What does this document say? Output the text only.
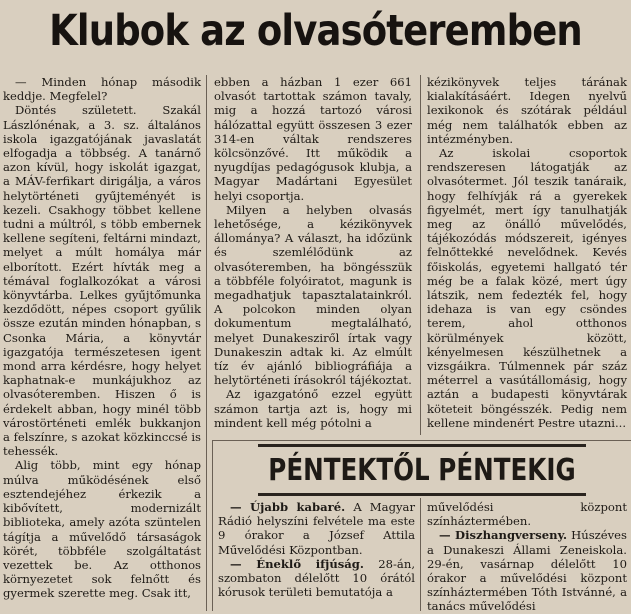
Klubok az olvasóteremben

— Minden hónap második keddje. Megfelel?

Döntés született. Szakál Lászlónénak, a 3. sz. általános iskola igazgatójának javaslatát elfogadja a többség. A tanárnő azon kívül, hogy iskolát igazgat, a MÁV-ferfikart dirigálja, a város helytörténeti gyűjteményét is kezeli. Csakhogy többet kellene tudni a múltról, s több embernek kellene segíteni, feltárni mindazt, melyet a múlt homálya már elborított. Ezért hívták meg a témával foglalkozókat a városi könyvtárba. Lelkes gyűjtőmunka kezdődött, népes csoport gyűlik össze ezután minden hónapban, s Csonka Mária, a könyvtár igazgatója természetesen igent mond arra kérdésre, hogy helyet kaphatnak-e munkájukhoz az olvasóteremben. Hiszen ő is érdekelt abban, hogy minél több várostörténeti emlék bukkanjon a felszínre, s azokat közkinccsé is tehessék.

Alig több, mint egy hónap múlva működésének első esztendejéhez érkezik a kibővített, modernizált biblioteka, amely azóta szüntelen tágítja a művelődő társaságok körét, többféle szolgáltatást vezettek be. Az otthonos környezetet sok felnőtt és gyermek szerette meg. Csak itt,

ebben a házban 1 ezer 661 olvasót tartottak számon tavaly, mig a hozzá tartozó városi hálózattal együtt összesen 3 ezer 314-en váltak rendszeres kölcsönzővé. Itt működik a nyugdíjas pedagógusok klubja, a Magyar Madártani Egyesület helyi csoportja.

Milyen a helyben olvasás lehetősége, a kézikönyvek állománya? A választ, ha időzünk és szemlélődünk az olvasóteremben, ha böngésszük a többféle folyóiratot, magunk is megadhatjuk tapasztalatainkról. A polcokon minden olyan dokumentum megtalálható, melyet Dunakesziről írtak vagy Dunakeszin adtak ki. Az elmúlt tíz év ajánló bibliográfiája a helytörténeti írásokról tájékoztat.

Az igazgatónő ezzel együtt számon tartja azt is, hogy mi mindent kell még pótolni a

kézikönyvek teljes tárának kialakításáért. Idegen nyelvű lexikonok és szótárak például még nem találhatók ebben az intézményben.

Az iskolai csoportok rendszeresen látogatják az olvasótermet. Jól teszik tanáraik, hogy felhívják rá a gyerekek figyelmét, mert így tanulhatják meg az önálló művelődés, tájékozódás módszereit, igényes felnőttekké nevelődnek. Kevés főiskolás, egyetemi hallgató tér még be a falak közé, mert úgy látszik, nem fedezték fel, hogy idehaza is van egy csöndes terem, ahol otthonos körülmények között, kényelmesen készülhetnek a vizsgáikra. Túlmennek pár száz méterrel a vasútállomásig, hogy aztán a budapesti könyvtárak köteteit böngésszék. Pedig nem kellene mindenért Pestre utazni...

PÉNTEKTŐL PÉNTEKIG

— Újabb kabaré. A Magyar Rádió helyszíni felvétele ma este 9 órakor a József Attila Művelődési Központban.

— Éneklő ifjúság. 28-án, szombaton délelőtt 10 órától kórusok területi bemutatója a

művelődési központ színháztermében.

— Diszhangverseny. Húszéves a Dunakeszi Állami Zeneiskola. 29-én, vasárnap délelőtt 10 órakor a művelődési központ színháztermében Tóth Istvánné, a tanács művelődési
